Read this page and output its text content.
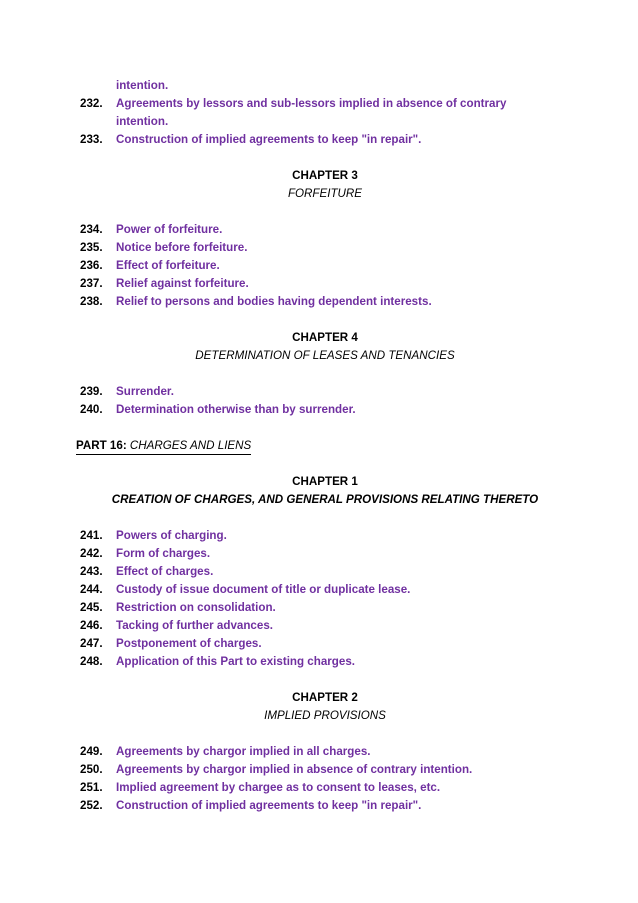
intention.
232. Agreements by lessors and sub-lessors implied in absence of contrary
intention.
233. Construction of implied agreements to keep "in repair".
CHAPTER 3
FORFEITURE
234. Power of forfeiture.
235. Notice before forfeiture.
236. Effect of forfeiture.
237. Relief against forfeiture.
238. Relief to persons and bodies having dependent interests.
CHAPTER 4
DETERMINATION OF LEASES AND TENANCIES
239. Surrender.
240. Determination otherwise than by surrender.
PART 16: CHARGES AND LIENS
CHAPTER 1
CREATION OF CHARGES, AND GENERAL PROVISIONS RELATING THERETO
241. Powers of charging.
242. Form of charges.
243. Effect of charges.
244. Custody of issue document of title or duplicate lease.
245. Restriction on consolidation.
246. Tacking of further advances.
247. Postponement of charges.
248. Application of this Part to existing charges.
CHAPTER 2
IMPLIED PROVISIONS
249. Agreements by chargor implied in all charges.
250. Agreements by chargor implied in absence of contrary intention.
251. Implied agreement by chargee as to consent to leases, etc.
252. Construction of implied agreements to keep "in repair".
